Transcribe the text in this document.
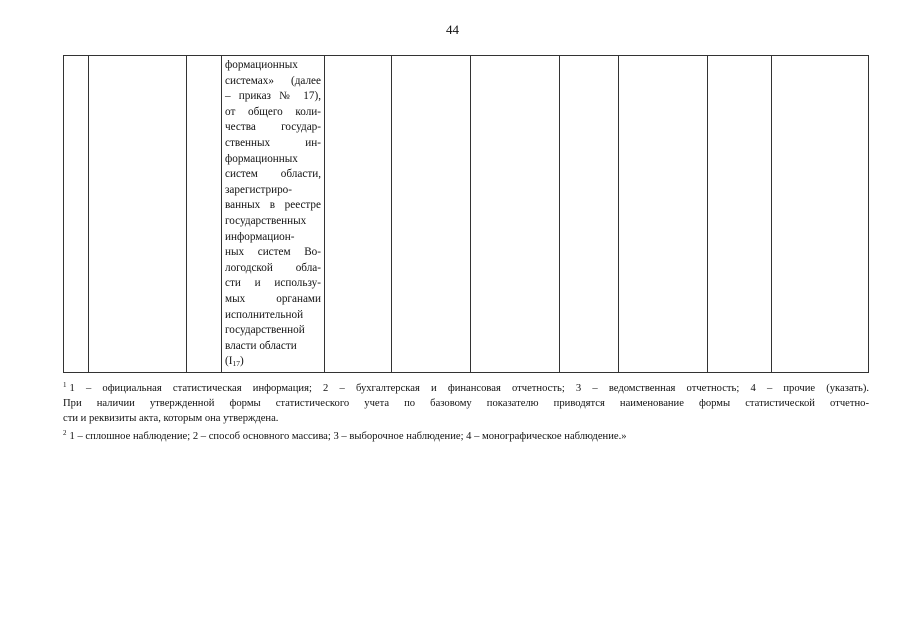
44

формационных
системах» (далее
– приказ № 17),
от общего коли-
чества государ-
ственных ин-
формационных
систем области,
зарегистриро-
ванных в реестре
государственных
информацион-
ных систем Во-
логодской обла-
сти и использу-
мых органами
исполнительной
государственной
власти области
$(I_{17})$

$^1$ 1 – официальная статистическая информация; 2 – бухгалтерская и финансовая отчетность; 3 – ведомственная отчетность; 4 – прочие (указать).
При наличии утвержденной формы статистического учета по базовому показателю приводятся наименование формы статистической отчетно-
сти и реквизиты акта, которым она утверждена.
$^2$ 1 – сплошное наблюдение; 2 – способ основного массива; 3 – выборочное наблюдение; 4 – монографическое наблюдение.»
